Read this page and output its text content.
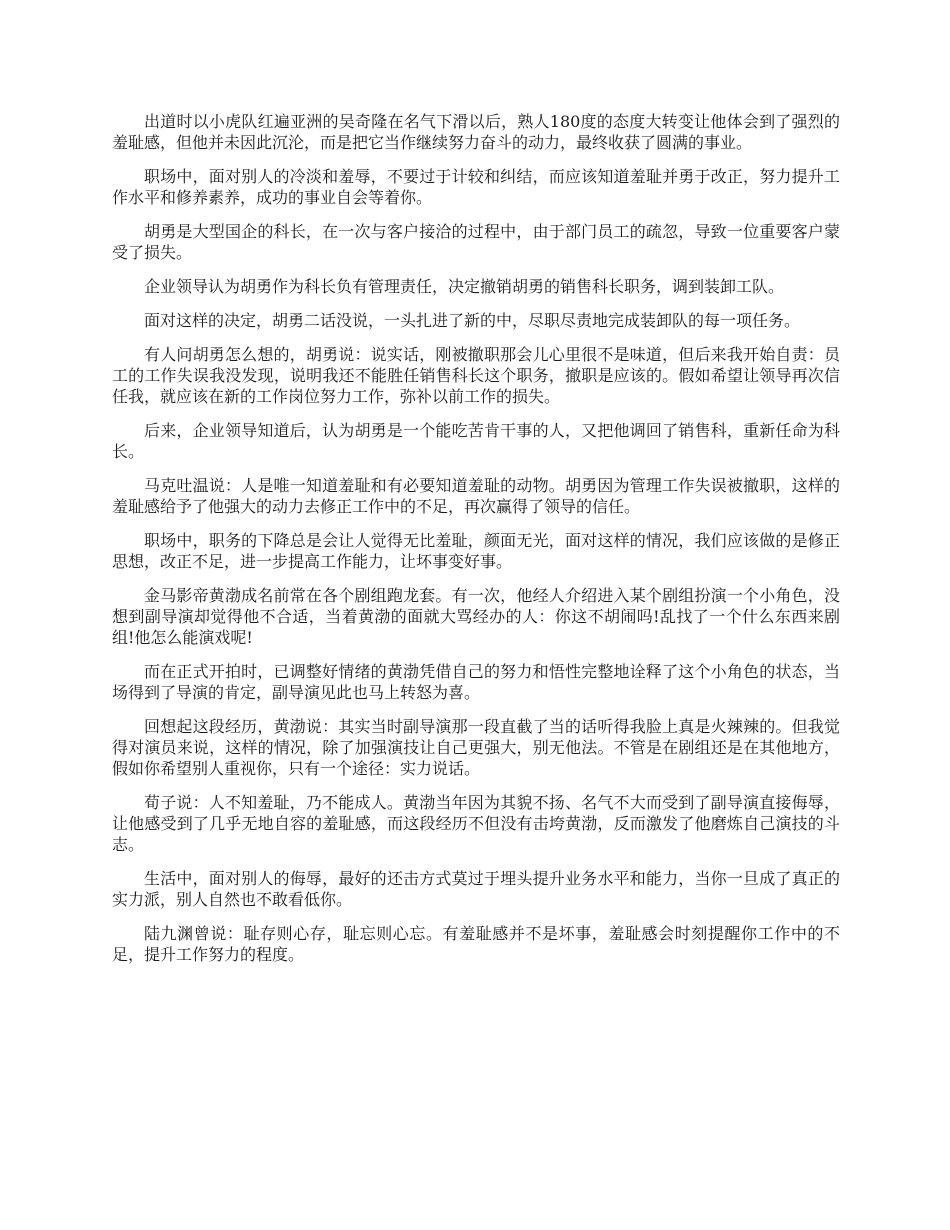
出道时以小虎队红遍亚洲的吴奇隆在名气下滑以后，熟人180度的态度大转变让他体会到了强烈的羞耻感，但他并未因此沉沦，而是把它当作继续努力奋斗的动力，最终收获了圆满的事业。

职场中，面对别人的冷淡和羞辱，不要过于计较和纠结，而应该知道羞耻并勇于改正，努力提升工作水平和修养素养，成功的事业自会等着你。

胡勇是大型国企的科长，在一次与客户接洽的过程中，由于部门员工的疏忽，导致一位重要客户蒙受了损失。

企业领导认为胡勇作为科长负有管理责任，决定撤销胡勇的销售科长职务，调到装卸工队。

面对这样的决定，胡勇二话没说，一头扎进了新的中，尽职尽责地完成装卸队的每一项任务。

有人问胡勇怎么想的，胡勇说：说实话，刚被撤职那会儿心里很不是味道，但后来我开始自责：员工的工作失误我没发现，说明我还不能胜任销售科长这个职务，撤职是应该的。假如希望让领导再次信任我，就应该在新的工作岗位努力工作，弥补以前工作的损失。

后来，企业领导知道后，认为胡勇是一个能吃苦肯干事的人，又把他调回了销售科，重新任命为科长。

马克吐温说：人是唯一知道羞耻和有必要知道羞耻的动物。胡勇因为管理工作失误被撤职，这样的羞耻感给予了他强大的动力去修正工作中的不足，再次赢得了领导的信任。

职场中，职务的下降总是会让人觉得无比羞耻，颜面无光，面对这样的情况，我们应该做的是修正思想，改正不足，进一步提高工作能力，让坏事变好事。

金马影帝黄渤成名前常在各个剧组跑龙套。有一次，他经人介绍进入某个剧组扮演一个小角色，没想到副导演却觉得他不合适，当着黄渤的面就大骂经办的人：你这不胡闹吗!乱找了一个什么东西来剧组!他怎么能演戏呢!

而在正式开拍时，已调整好情绪的黄渤凭借自己的努力和悟性完整地诠释了这个小角色的状态，当场得到了导演的肯定，副导演见此也马上转怒为喜。

回想起这段经历，黄渤说：其实当时副导演那一段直截了当的话听得我脸上真是火辣辣的。但我觉得对演员来说，这样的情况，除了加强演技让自己更强大，别无他法。不管是在剧组还是在其他地方，假如你希望别人重视你，只有一个途径：实力说话。

荀子说：人不知羞耻，乃不能成人。黄渤当年因为其貌不扬、名气不大而受到了副导演直接侮辱，让他感受到了几乎无地自容的羞耻感，而这段经历不但没有击垮黄渤，反而激发了他磨炼自己演技的斗志。

生活中，面对别人的侮辱，最好的还击方式莫过于埋头提升业务水平和能力，当你一旦成了真正的实力派，别人自然也不敢看低你。

陆九渊曾说：耻存则心存，耻忘则心忘。有羞耻感并不是坏事，羞耻感会时刻提醒你工作中的不足，提升工作努力的程度。
